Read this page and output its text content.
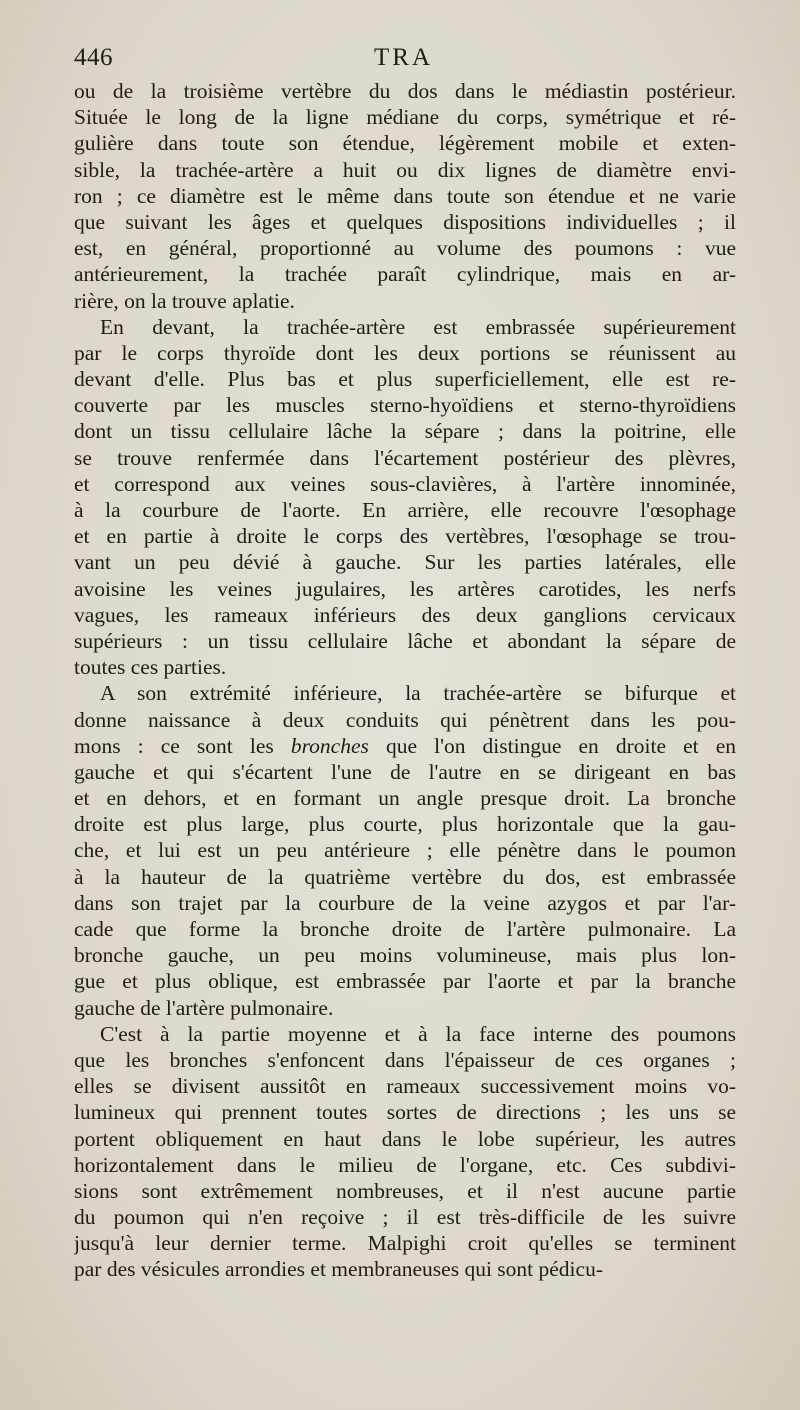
446	TRA
ou de la troisième vertèbre du dos dans le médiastin postérieur.
Située le long de la ligne médiane du corps, symétrique et ré-
gulière dans toute son étendue, légèrement mobile et exten-
sible, la trachée-artère a huit ou dix lignes de diamètre envi-
ron ; ce diamètre est le même dans toute son étendue et ne varie
que suivant les âges et quelques dispositions individuelles ; il
est, en général, proportionné au volume des poumons : vue
antérieurement, la trachée paraît cylindrique, mais en ar-
rière, on la trouve aplatie.
En devant, la trachée-artère est embrassée supérieurement
par le corps thyroïde dont les deux portions se réunissent au
devant d'elle. Plus bas et plus superficiellement, elle est re-
couverte par les muscles sterno-hyoïdiens et sterno-thyroïdiens
dont un tissu cellulaire lâche la sépare ; dans la poitrine, elle
se trouve renfermée dans l'écartement postérieur des plèvres,
et correspond aux veines sous-clavières, à l'artère innominée,
à la courbure de l'aorte. En arrière, elle recouvre l'œsophage
et en partie à droite le corps des vertèbres, l'œsophage se trou-
vant un peu dévié à gauche. Sur les parties latérales, elle
avoisine les veines jugulaires, les artères carotides, les nerfs
vagues, les rameaux inférieurs des deux ganglions cervicaux
supérieurs : un tissu cellulaire lâche et abondant la sépare de
toutes ces parties.
A son extrémité inférieure, la trachée-artère se bifurque et
donne naissance à deux conduits qui pénètrent dans les pou-
mons : ce sont les bronches que l'on distingue en droite et en
gauche et qui s'écartent l'une de l'autre en se dirigeant en bas
et en dehors, et en formant un angle presque droit. La bronche
droite est plus large, plus courte, plus horizontale que la gau-
che, et lui est un peu antérieure ; elle pénètre dans le poumon
à la hauteur de la quatrième vertèbre du dos, est embrassée
dans son trajet par la courbure de la veine azygos et par l'ar-
cade que forme la bronche droite de l'artère pulmonaire. La
bronche gauche, un peu moins volumineuse, mais plus lon-
gue et plus oblique, est embrassée par l'aorte et par la branche
gauche de l'artère pulmonaire.
C'est à la partie moyenne et à la face interne des poumons
que les bronches s'enfoncent dans l'épaisseur de ces organes ;
elles se divisent aussitôt en rameaux successivement moins vo-
lumineux qui prennent toutes sortes de directions ; les uns se
portent obliquement en haut dans le lobe supérieur, les autres
horizontalement dans le milieu de l'organe, etc. Ces subdivi-
sions sont extrêmement nombreuses, et il n'est aucune partie
du poumon qui n'en reçoive ; il est très-difficile de les suivre
jusqu'à leur dernier terme. Malpighi croit qu'elles se terminent
par des vésicules arrondies et membraneuses qui sont pédicu-
